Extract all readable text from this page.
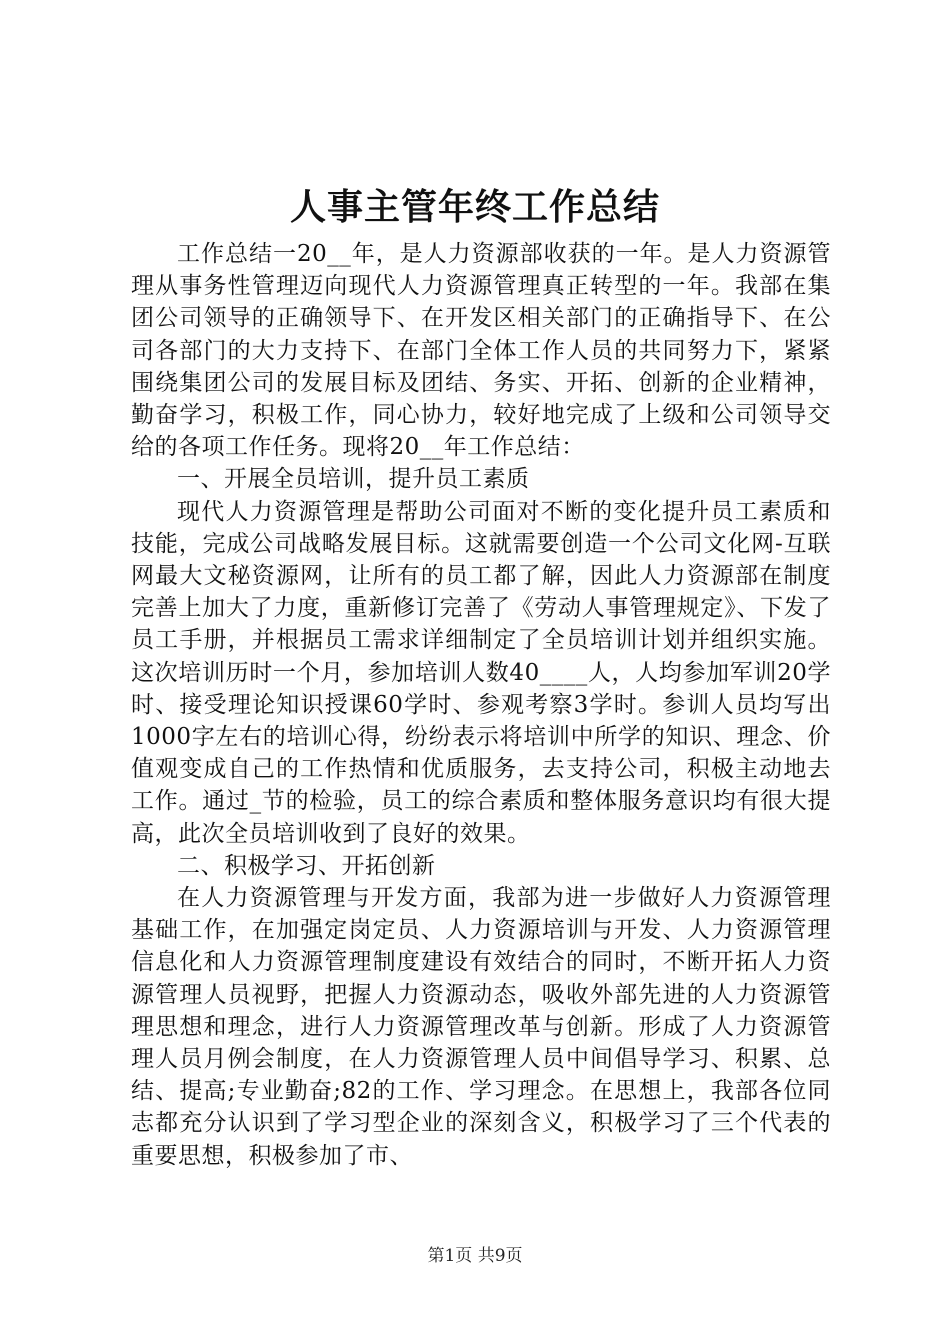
人事主管年终工作总结

工作总结一20__年，是人力资源部收获的一年。是人力资源管理从事务性管理迈向现代人力资源管理真正转型的一年。我部在集团公司领导的正确领导下、在开发区相关部门的正确指导下、在公司各部门的大力支持下、在部门全体工作人员的共同努力下，紧紧围绕集团公司的发展目标及团结、务实、开拓、创新的企业精神，勤奋学习，积极工作，同心协力，较好地完成了上级和公司领导交给的各项工作任务。现将20__年工作总结：

一、开展全员培训，提升员工素质

现代人力资源管理是帮助公司面对不断的变化提升员工素质和技能，完成公司战略发展目标。这就需要创造一个公司文化网-互联网最大文秘资源网，让所有的员工都了解，因此人力资源部在制度完善上加大了力度，重新修订完善了《劳动人事管理规定》、下发了员工手册，并根据员工需求详细制定了全员培训计划并组织实施。这次培训历时一个月，参加培训人数40____人，人均参加军训20学时、接受理论知识授课60学时、参观考察3学时。参训人员均写出1000字左右的培训心得，纷纷表示将培训中所学的知识、理念、价值观变成自己的工作热情和优质服务，去支持公司，积极主动地去工作。通过_节的检验，员工的综合素质和整体服务意识均有很大提高，此次全员培训收到了良好的效果。

二、积极学习、开拓创新

在人力资源管理与开发方面，我部为进一步做好人力资源管理基础工作，在加强定岗定员、人力资源培训与开发、人力资源管理信息化和人力资源管理制度建设有效结合的同时，不断开拓人力资源管理人员视野，把握人力资源动态，吸收外部先进的人力资源管理思想和理念，进行人力资源管理改革与创新。形成了人力资源管理人员月例会制度，在人力资源管理人员中间倡导学习、积累、总结、提高;专业勤奋;82的工作、学习理念。在思想上，我部各位同志都充分认识到了学习型企业的深刻含义，积极学习了三个代表的重要思想，积极参加了市、

第1页 共9页
